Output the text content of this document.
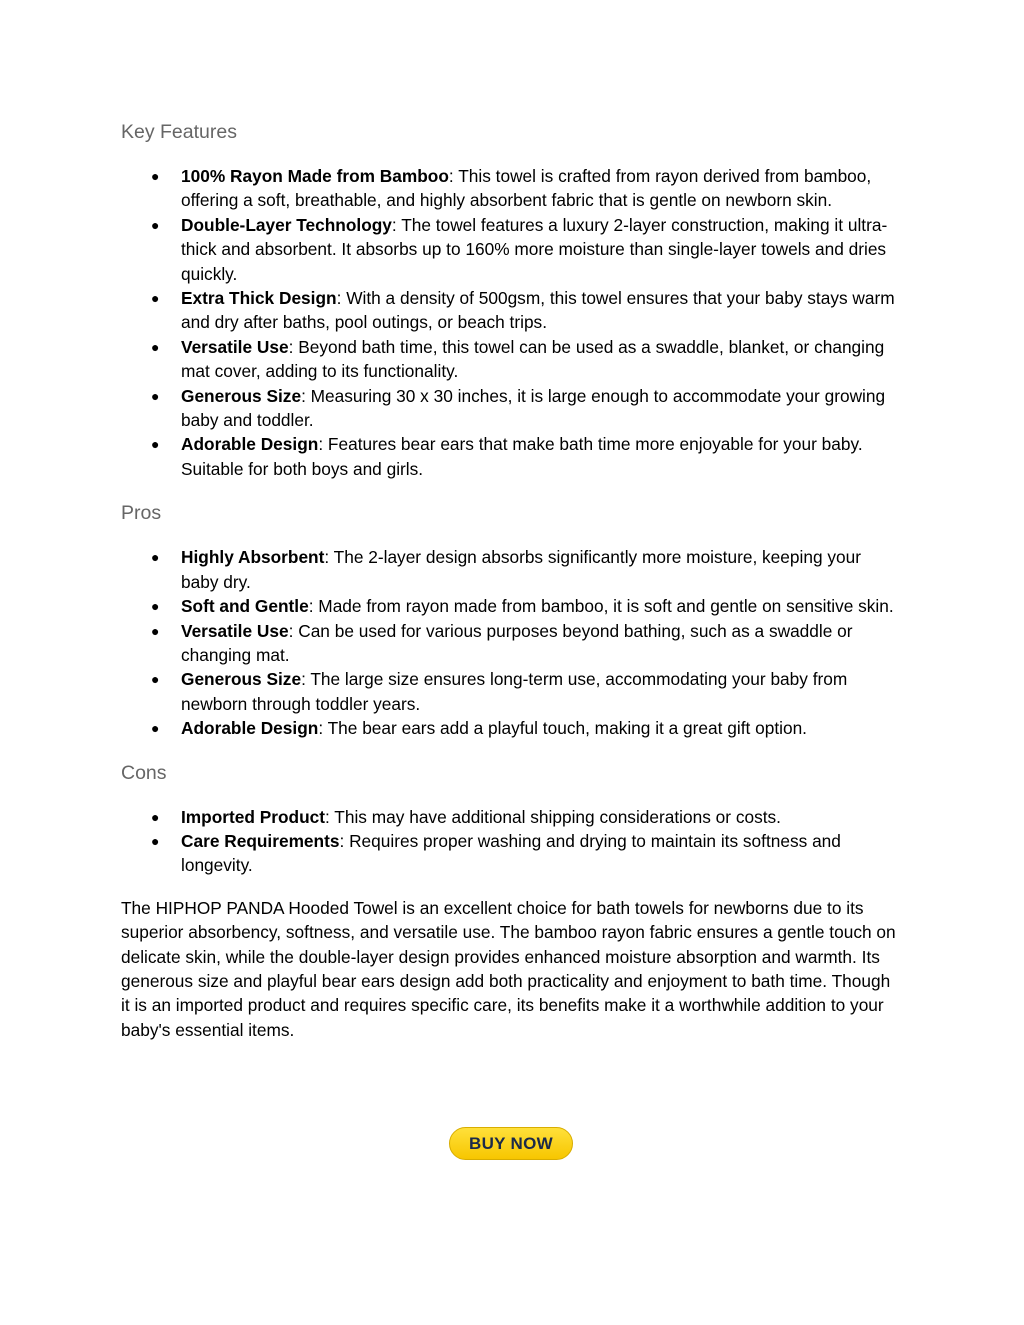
Key Features
● 100% Rayon Made from Bamboo: This towel is crafted from rayon derived from bamboo, offering a soft, breathable, and highly absorbent fabric that is gentle on newborn skin.
● Double-Layer Technology: The towel features a luxury 2-layer construction, making it ultra-thick and absorbent. It absorbs up to 160% more moisture than single-layer towels and dries quickly.
● Extra Thick Design: With a density of 500gsm, this towel ensures that your baby stays warm and dry after baths, pool outings, or beach trips.
● Versatile Use: Beyond bath time, this towel can be used as a swaddle, blanket, or changing mat cover, adding to its functionality.
● Generous Size: Measuring 30 x 30 inches, it is large enough to accommodate your growing baby and toddler.
● Adorable Design: Features bear ears that make bath time more enjoyable for your baby. Suitable for both boys and girls.
Pros
● Highly Absorbent: The 2-layer design absorbs significantly more moisture, keeping your baby dry.
● Soft and Gentle: Made from rayon made from bamboo, it is soft and gentle on sensitive skin.
● Versatile Use: Can be used for various purposes beyond bathing, such as a swaddle or changing mat.
● Generous Size: The large size ensures long-term use, accommodating your baby from newborn through toddler years.
● Adorable Design: The bear ears add a playful touch, making it a great gift option.
Cons
● Imported Product: This may have additional shipping considerations or costs.
● Care Requirements: Requires proper washing and drying to maintain its softness and longevity.

The HIPHOP PANDA Hooded Towel is an excellent choice for bath towels for newborns due to its superior absorbency, softness, and versatile use. The bamboo rayon fabric ensures a gentle touch on delicate skin, while the double-layer design provides enhanced moisture absorption and warmth. Its generous size and playful bear ears design add both practicality and enjoyment to bath time. Though it is an imported product and requires specific care, its benefits make it a worthwhile addition to your baby's essential items.

BUY NOW
